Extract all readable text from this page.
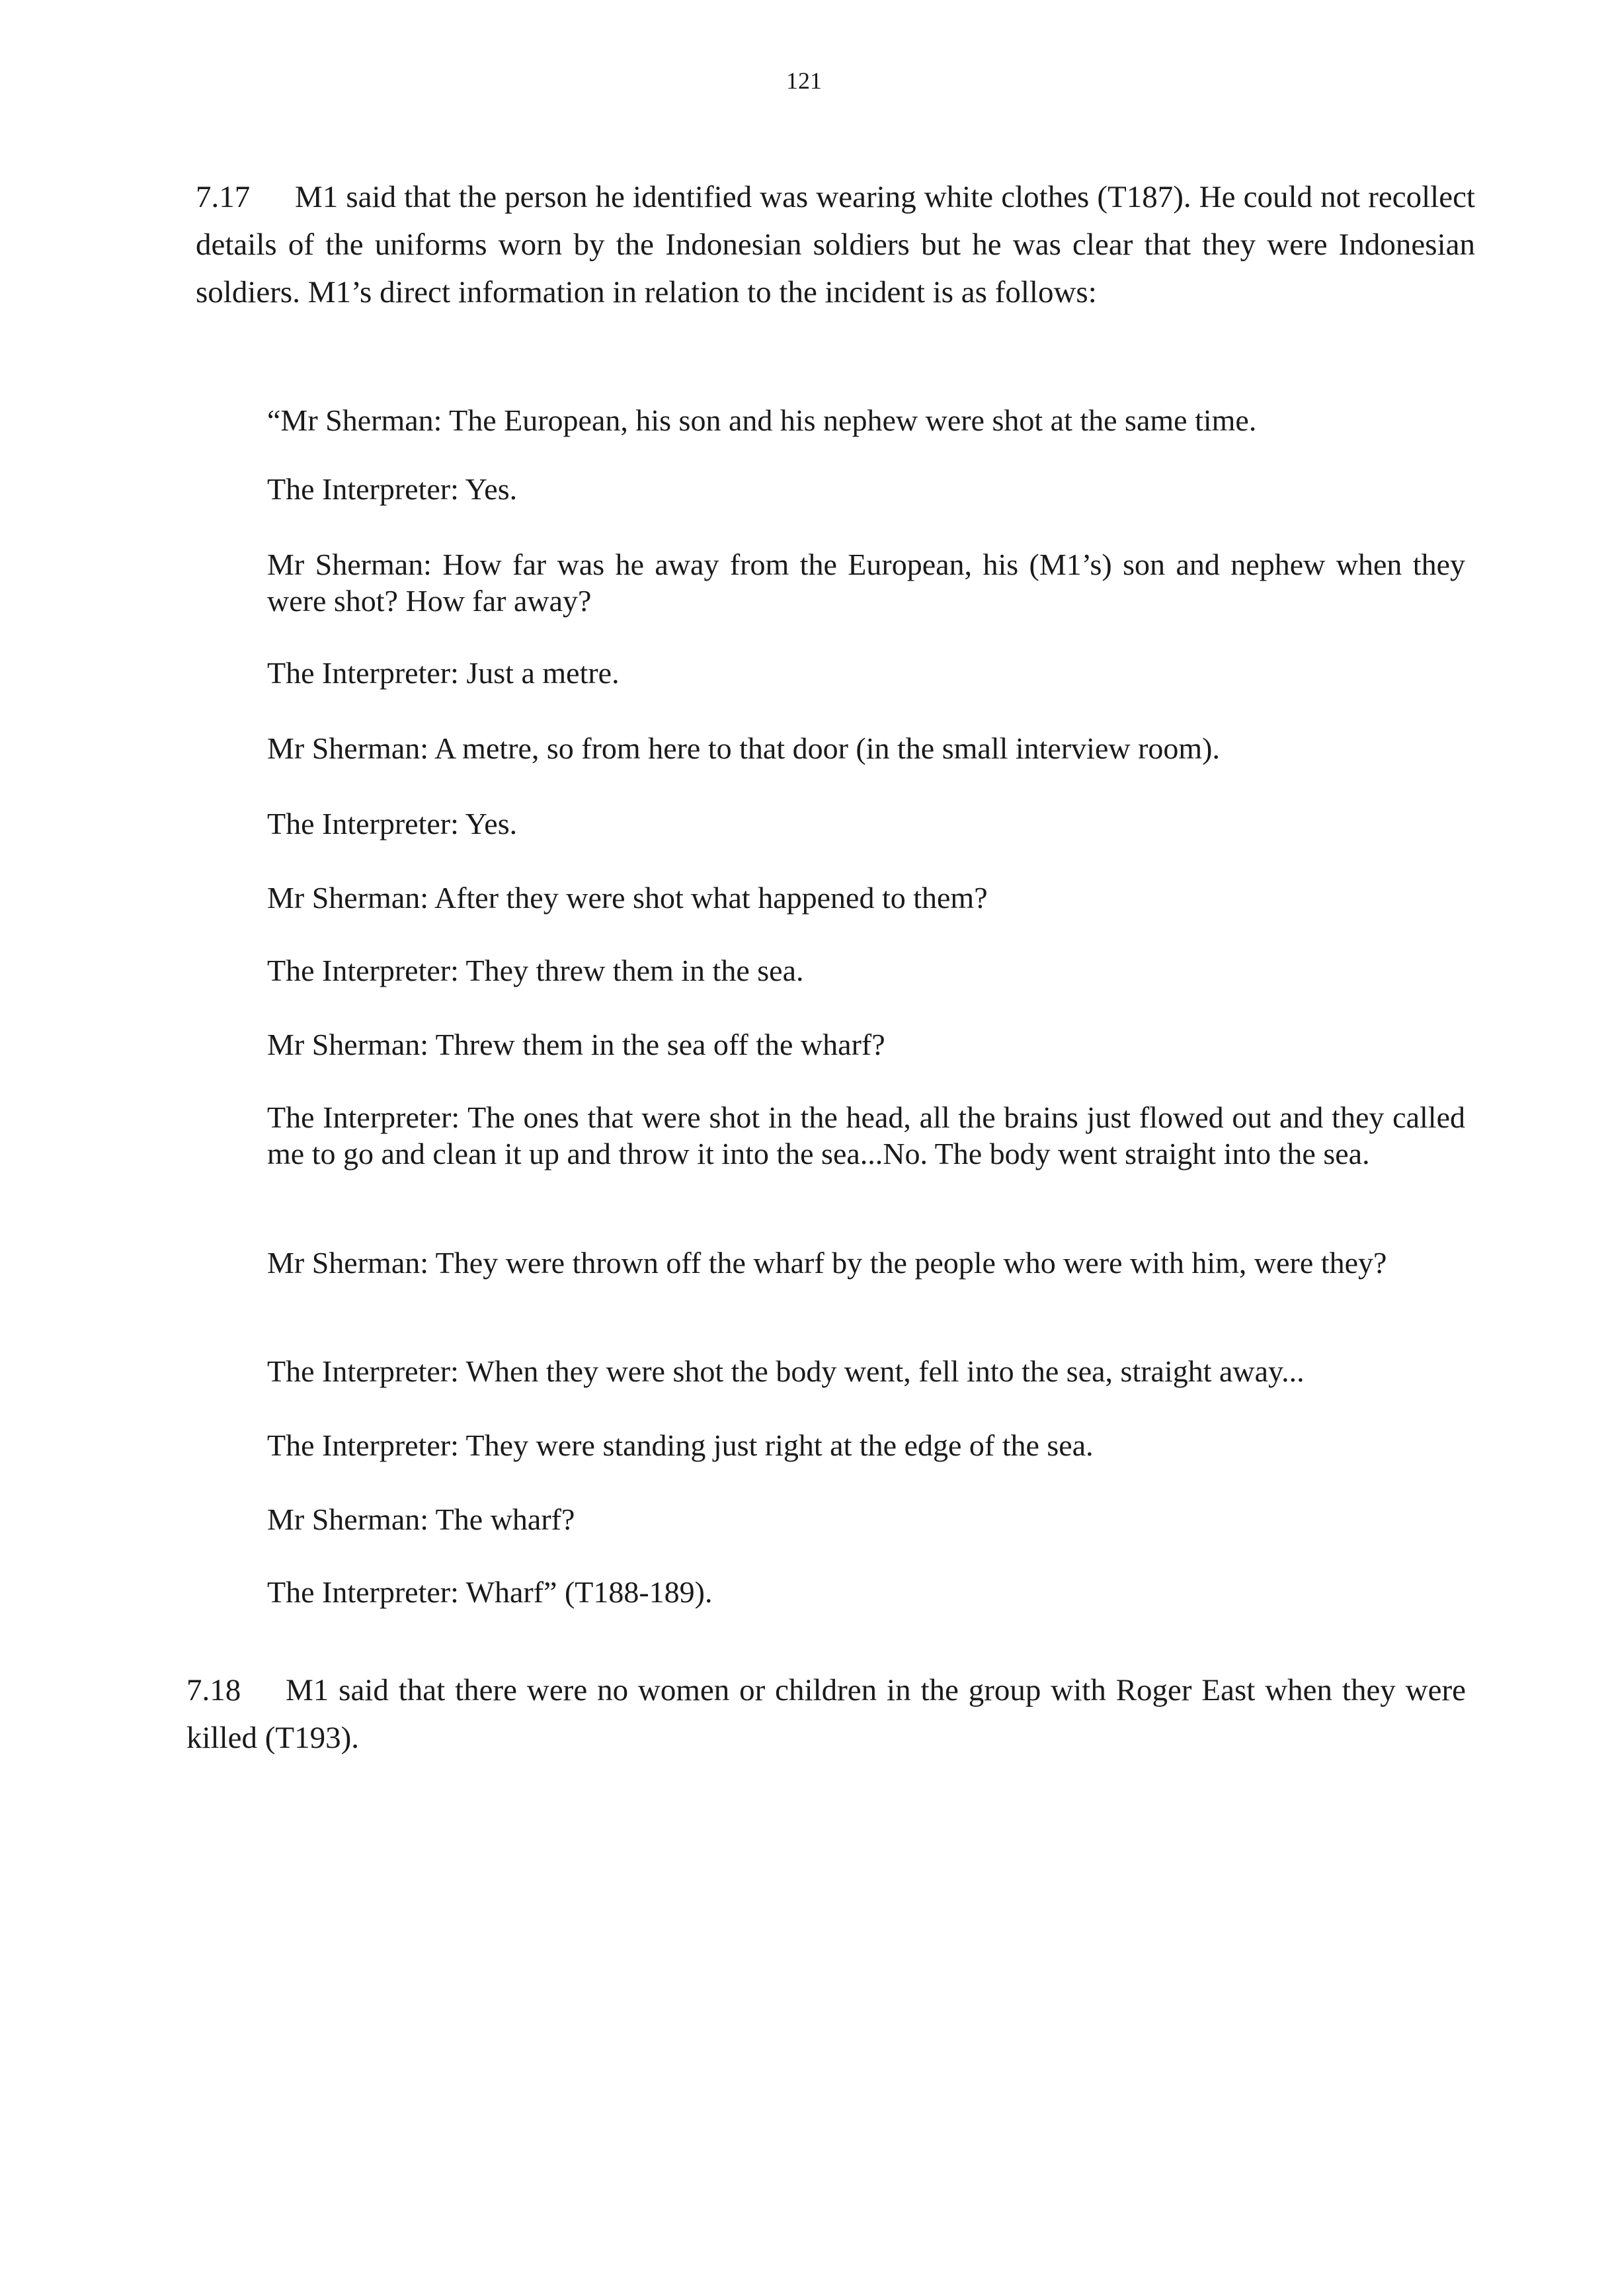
121
7.17 M1 said that the person he identified was wearing white clothes (T187). He could not recollect details of the uniforms worn by the Indonesian soldiers but he was clear that they were Indonesian soldiers. M1’s direct information in relation to the incident is as follows:
“Mr Sherman: The European, his son and his nephew were shot at the same time.
The Interpreter: Yes.
Mr Sherman: How far was he away from the European, his (M1’s) son and nephew when they were shot? How far away?
The Interpreter: Just a metre.
Mr Sherman: A metre, so from here to that door (in the small interview room).
The Interpreter: Yes.
Mr Sherman: After they were shot what happened to them?
The Interpreter: They threw them in the sea.
Mr Sherman: Threw them in the sea off the wharf?
The Interpreter: The ones that were shot in the head, all the brains just flowed out and they called me to go and clean it up and throw it into the sea...No. The body went straight into the sea.
Mr Sherman: They were thrown off the wharf by the people who were with him, were they?
The Interpreter: When they were shot the body went, fell into the sea, straight away...
The Interpreter: They were standing just right at the edge of the sea.
Mr Sherman: The wharf?
The Interpreter: Wharf” (T188-189).
7.18 M1 said that there were no women or children in the group with Roger East when they were killed (T193).
